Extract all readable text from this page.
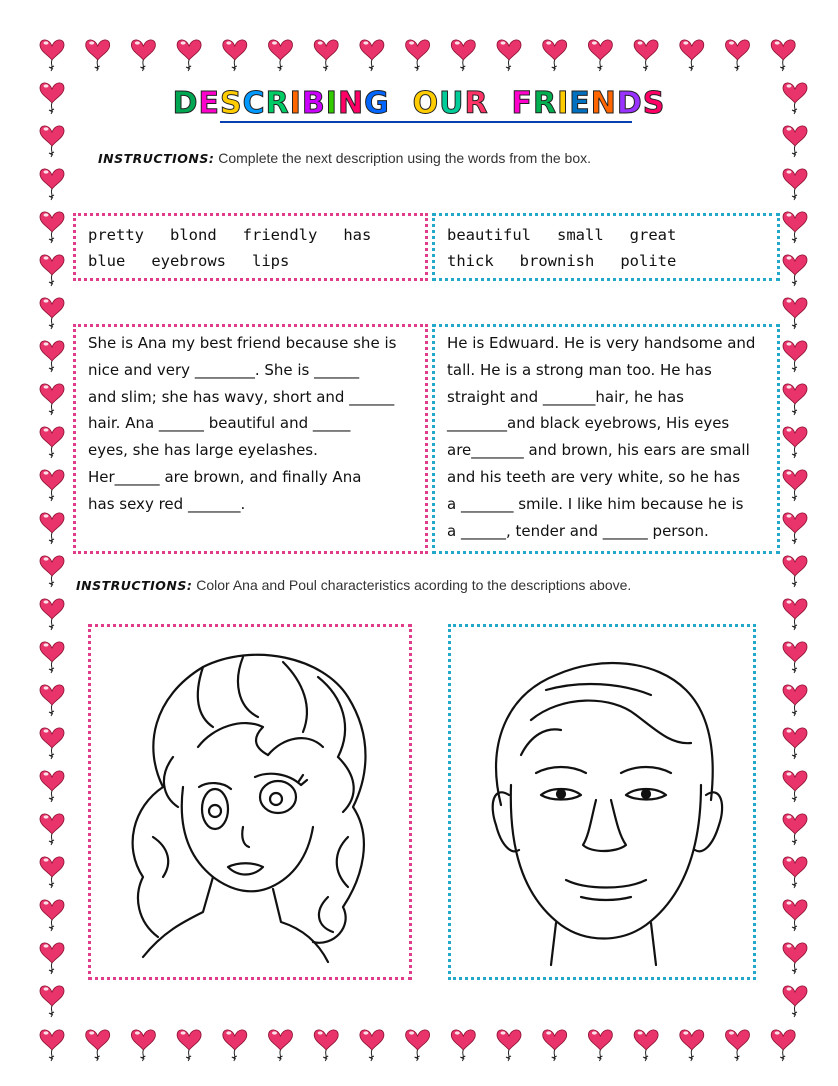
DESCRIBING OUR FRIENDS
INSTRUCTIONS: Complete the next description using the words from the box.
pretty blond friendly hasblue eyebrows lips
beautiful small greatthick brownish polite

She is Ana my best friend because she is

nice and very ________. She is ______

and slim; she has wavy, short and ______

hair. Ana ______ beautiful and _____

eyes, she has large eyelashes.

Her______ are brown, and finally Ana

has sexy red _______.

He is Edwuard. He is very handsome and

tall. He is a strong man too. He has

straight and _______hair, he has

________and black eyebrows, His eyes

are_______ and brown, his ears are small

and his teeth are very white, so he has

a _______ smile. I like him because he is

a ______, tender and ______ person.

INSTRUCTIONS: Color Ana and Poul characteristics acording to the descriptions above.
